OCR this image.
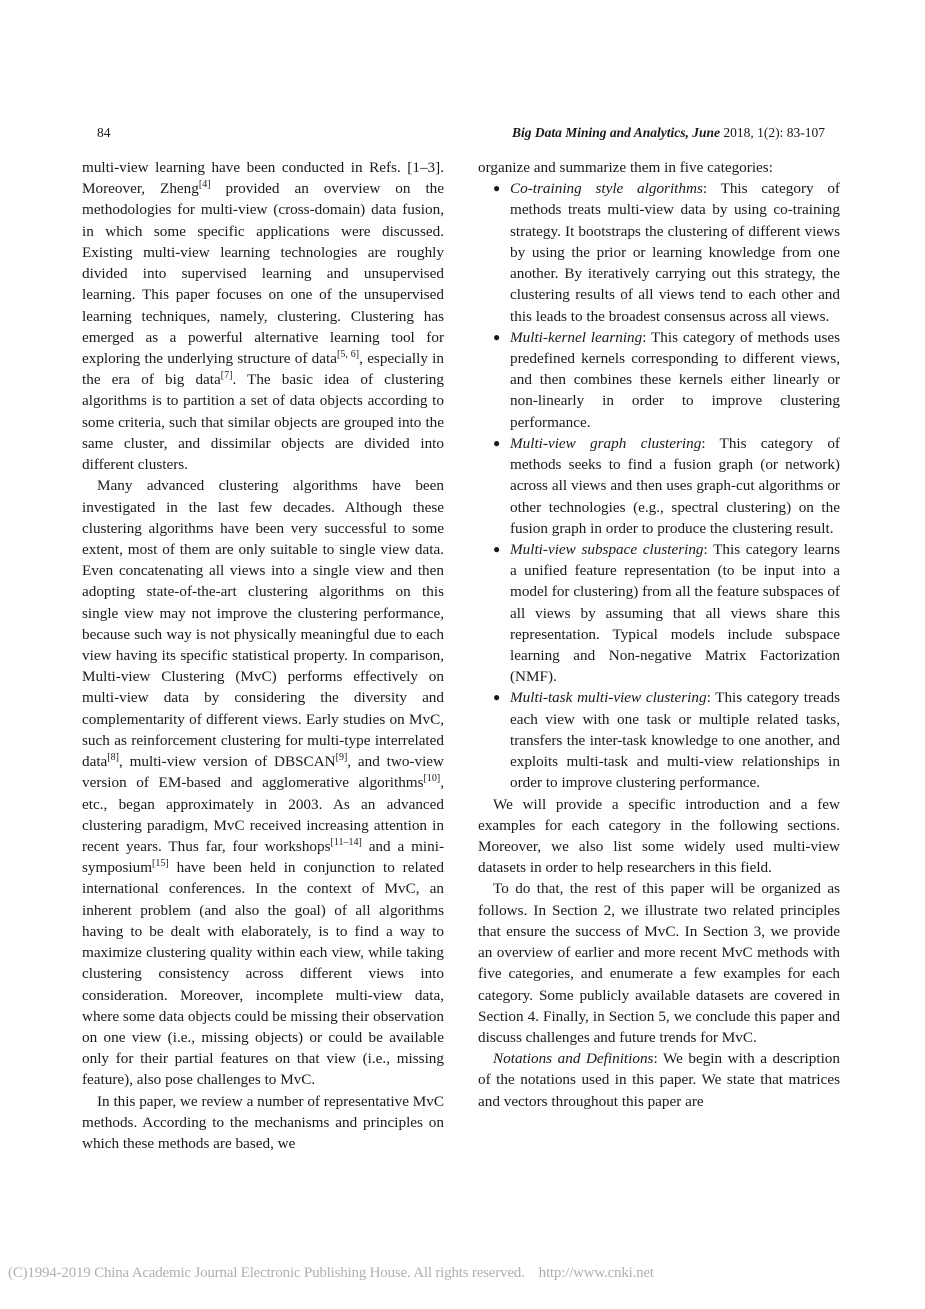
84	Big Data Mining and Analytics, June 2018, 1(2): 83-107

multi-view learning have been conducted in Refs. [1–3]. Moreover, Zheng[4] provided an overview on the methodologies for multi-view (cross-domain) data fusion, in which some specific applications were discussed. Existing multi-view learning technologies are roughly divided into supervised learning and unsupervised learning. This paper focuses on one of the unsupervised learning techniques, namely, clustering. Clustering has emerged as a powerful alternative learning tool for exploring the underlying structure of data[5, 6], especially in the era of big data[7]. The basic idea of clustering algorithms is to partition a set of data objects according to some criteria, such that similar objects are grouped into the same cluster, and dissimilar objects are divided into different clusters.

Many advanced clustering algorithms have been investigated in the last few decades. Although these clustering algorithms have been very successful to some extent, most of them are only suitable to single view data. Even concatenating all views into a single view and then adopting state-of-the-art clustering algorithms on this single view may not improve the clustering performance, because such way is not physically meaningful due to each view having its specific statistical property. In comparison, Multi-view Clustering (MvC) performs effectively on multi-view data by considering the diversity and complementarity of different views. Early studies on MvC, such as reinforcement clustering for multi-type interrelated data[8], multi-view version of DBSCAN[9], and two-view version of EM-based and agglomerative algorithms[10], etc., began approximately in 2003. As an advanced clustering paradigm, MvC received increasing attention in recent years. Thus far, four workshops[11–14] and a mini-symposium[15] have been held in conjunction to related international conferences. In the context of MvC, an inherent problem (and also the goal) of all algorithms having to be dealt with elaborately, is to find a way to maximize clustering quality within each view, while taking clustering consistency across different views into consideration. Moreover, incomplete multi-view data, where some data objects could be missing their observation on one view (i.e., missing objects) or could be available only for their partial features on that view (i.e., missing feature), also pose challenges to MvC.

In this paper, we review a number of representative MvC methods. According to the mechanisms and principles on which these methods are based, we

organize and summarize them in five categories:

● Co-training style algorithms: This category of methods treats multi-view data by using co-training strategy. It bootstraps the clustering of different views by using the prior or learning knowledge from one another. By iteratively carrying out this strategy, the clustering results of all views tend to each other and this leads to the broadest consensus across all views.
● Multi-kernel learning: This category of methods uses predefined kernels corresponding to different views, and then combines these kernels either linearly or non-linearly in order to improve clustering performance.
● Multi-view graph clustering: This category of methods seeks to find a fusion graph (or network) across all views and then uses graph-cut algorithms or other technologies (e.g., spectral clustering) on the fusion graph in order to produce the clustering result.
● Multi-view subspace clustering: This category learns a unified feature representation (to be input into a model for clustering) from all the feature subspaces of all views by assuming that all views share this representation. Typical models include subspace learning and Non-negative Matrix Factorization (NMF).
● Multi-task multi-view clustering: This category treads each view with one task or multiple related tasks, transfers the inter-task knowledge to one another, and exploits multi-task and multi-view relationships in order to improve clustering performance.

We will provide a specific introduction and a few examples for each category in the following sections. Moreover, we also list some widely used multi-view datasets in order to help researchers in this field.

To do that, the rest of this paper will be organized as follows. In Section 2, we illustrate two related principles that ensure the success of MvC. In Section 3, we provide an overview of earlier and more recent MvC methods with five categories, and enumerate a few examples for each category. Some publicly available datasets are covered in Section 4. Finally, in Section 5, we conclude this paper and discuss challenges and future trends for MvC.

Notations and Definitions: We begin with a description of the notations used in this paper. We state that matrices and vectors throughout this paper are

(C)1994-2019 China Academic Journal Electronic Publishing House. All rights reserved. http://www.cnki.net
